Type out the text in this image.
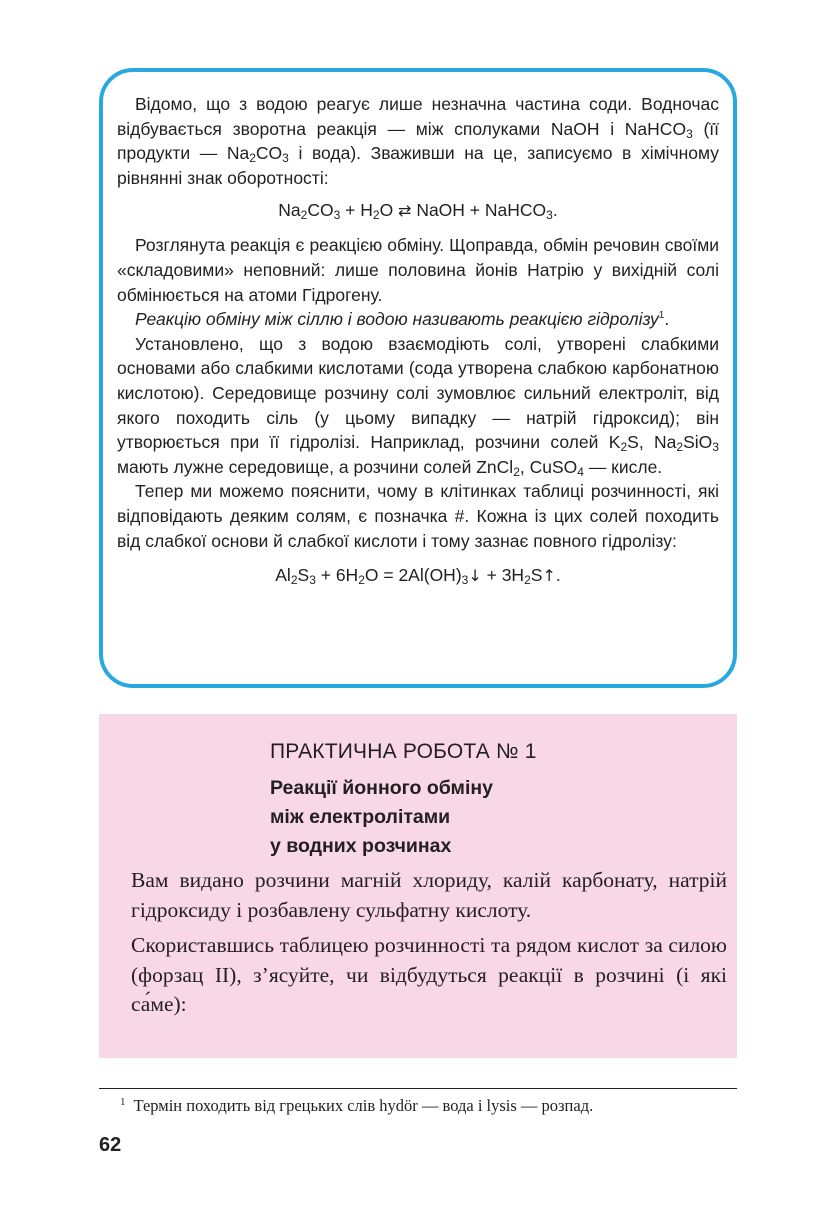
Відомо, що з водою реагує лише незначна частина соди. Водночас відбувається зворотна реакція — між сполуками NaOH і NaHCO$_3$ (її продукти — $Na_2CO_3$ і вода). Зваживши на це, записуємо в хімічному рівнянні знак оборотності:

$Na_2CO_3 + H_2O$ ⇄ NaOH + NaHCO$_3$.

Розглянута реакція є реакцією обміну. Щоправда, обмін речовин своїми «складовими» неповний: лише половина йонів Натрію у вихідній солі обмінюється на атоми Гідрогену.

Реакцію обміну між сіллю і водою називають реакцією гідролізу$^1$.

Установлено, що з водою взаємодіють солі, утворені слабкими основами або слабкими кислотами (сода утворена слабкою карбонатною кислотою). Середовище розчину солі зумовлює сильний електроліт, від якого походить сіль (у цьому випадку — натрій гідроксид); він утворюється при її гідролізі. Наприклад, розчини солей $K_2S$, $Na_2SiO_3$ мають лужне середовище, а розчини солей ZnCl$_2$, CuSO$_4$ — кисле.

Тепер ми можемо пояснити, чому в клітинках таблиці розчинності, які відповідають деяким солям, є позначка #. Кожна із цих солей походить від слабкої основи й слабкої кислоти і тому зазнає повного гідролізу:

$Al_2S_3 + 6H_2O$ = $2Al(OH)_3↓$ + $3H_2S↑$.
ПРАКТИЧНА РОБОТА № 1
Реакції йонного обміну
між електролітами
у водних розчинах

Вам видано розчини магній хлориду, калій карбонату, натрій гідроксиду і розбавлену сульфатну кислоту.

Скориставшись таблицею розчинності та рядом кислот за силою (форзац ІІ), з’ясуйте, чи відбудуться реакції в розчині (і які са́ме):

$^1$ Термін походить від грецьких слів hydör — вода і lysis — розпад.
62
